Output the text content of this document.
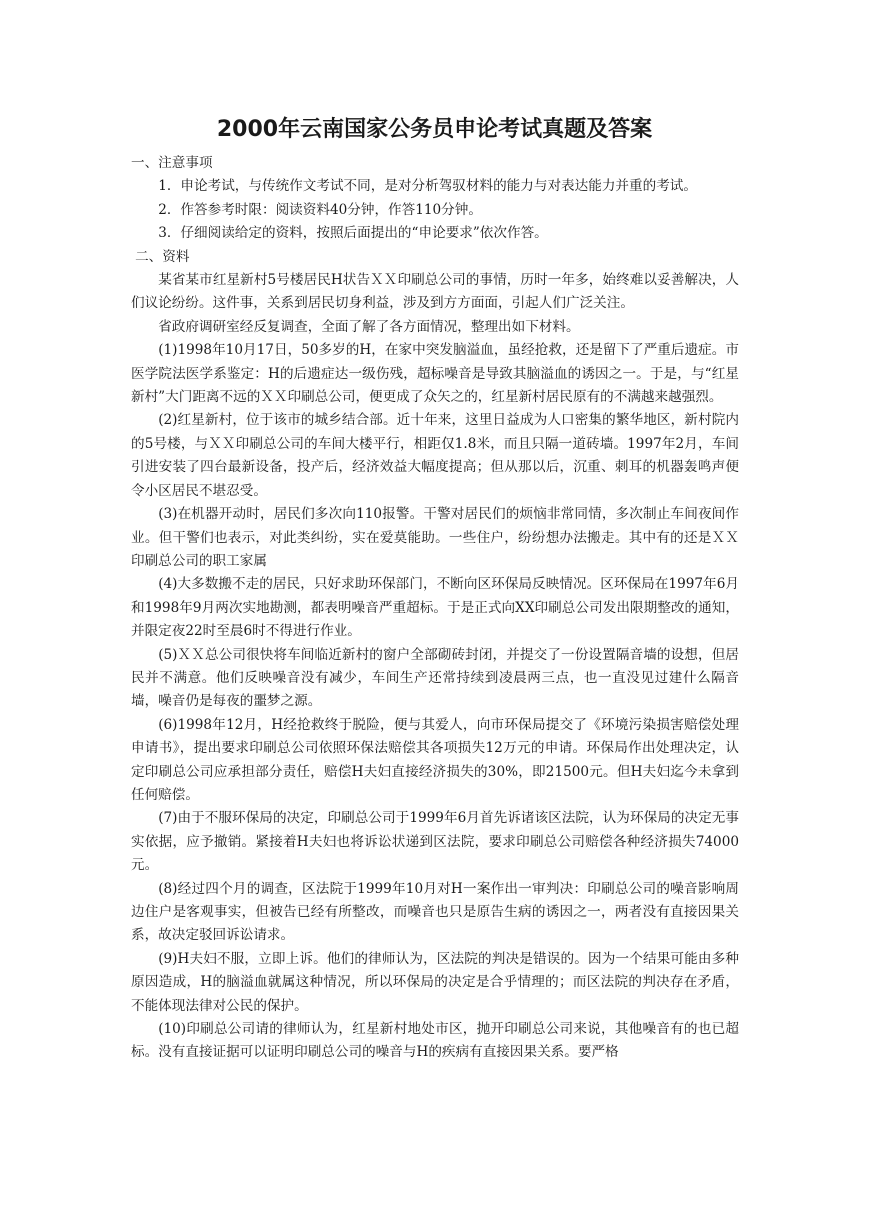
2000年云南国家公务员申论考试真题及答案

一、注意事项

1．申论考试，与传统作文考试不同，是对分析驾驭材料的能力与对表达能力并重的考试。

2．作答参考时限：阅读资料40分钟，作答110分钟。

3．仔细阅读给定的资料，按照后面提出的“申论要求”依次作答。

二、资料

某省某市红星新村5号楼居民H状告ＸＸ印刷总公司的事情，历时一年多，始终难以妥善解决，人们议论纷纷。这件事，关系到居民切身利益，涉及到方方面面，引起人们广泛关注。

省政府调研室经反复调查，全面了解了各方面情况，整理出如下材料。

(1)1998年10月17日，50多岁的H，在家中突发脑溢血，虽经抢救，还是留下了严重后遗症。市医学院法医学系鉴定：H的后遗症达一级伤残，超标噪音是导致其脑溢血的诱因之一。于是，与“红星新村”大门距离不远的ＸＸ印刷总公司，便更成了众矢之的，红星新村居民原有的不满越来越强烈。

(2)红星新村，位于该市的城乡结合部。近十年来，这里日益成为人口密集的繁华地区，新村院内的5号楼，与ＸＸ印刷总公司的车间大楼平行，相距仅1.8米，而且只隔一道砖墙。1997年2月，车间引进安装了四台最新设备，投产后，经济效益大幅度提高；但从那以后，沉重、刺耳的机器轰鸣声便令小区居民不堪忍受。

(3)在机器开动时，居民们多次向110报警。干警对居民们的烦恼非常同情，多次制止车间夜间作业。但干警们也表示，对此类纠纷，实在爱莫能助。一些住户，纷纷想办法搬走。其中有的还是ＸＸ印刷总公司的职工家属

(4)大多数搬不走的居民，只好求助环保部门，不断向区环保局反映情况。区环保局在1997年6月和1998年9月两次实地勘测，都表明噪音严重超标。于是正式向XX印刷总公司发出限期整改的通知，并限定夜22时至晨6时不得进行作业。

(5)ＸＸ总公司很快将车间临近新村的窗户全部砌砖封闭，并提交了一份设置隔音墙的设想，但居民并不满意。他们反映噪音没有减少，车间生产还常持续到凌晨两三点，也一直没见过建什么隔音墙，噪音仍是每夜的噩梦之源。

(6)1998年12月，H经抢救终于脱险，便与其爱人，向市环保局提交了《环境污染损害赔偿处理申请书》，提出要求印刷总公司依照环保法赔偿其各项损失12万元的申请。环保局作出处理决定，认定印刷总公司应承担部分责任，赔偿H夫妇直接经济损失的30%，即21500元。但H夫妇迄今未拿到任何赔偿。

(7)由于不服环保局的决定，印刷总公司于1999年6月首先诉诸该区法院，认为环保局的决定无事实依据，应予撤销。紧接着H夫妇也将诉讼状递到区法院，要求印刷总公司赔偿各种经济损失74000元。

(8)经过四个月的调查，区法院于1999年10月对H一案作出一审判决：印刷总公司的噪音影响周边住户是客观事实，但被告已经有所整改，而噪音也只是原告生病的诱因之一，两者没有直接因果关系，故决定驳回诉讼请求。

(9)H夫妇不服，立即上诉。他们的律师认为，区法院的判决是错误的。因为一个结果可能由多种原因造成，H的脑溢血就属这种情况，所以环保局的决定是合乎情理的；而区法院的判决存在矛盾，不能体现法律对公民的保护。

(10)印刷总公司请的律师认为，红星新村地处市区，抛开印刷总公司来说，其他噪音有的也已超标。没有直接证据可以证明印刷总公司的噪音与H的疾病有直接因果关系。要严格
